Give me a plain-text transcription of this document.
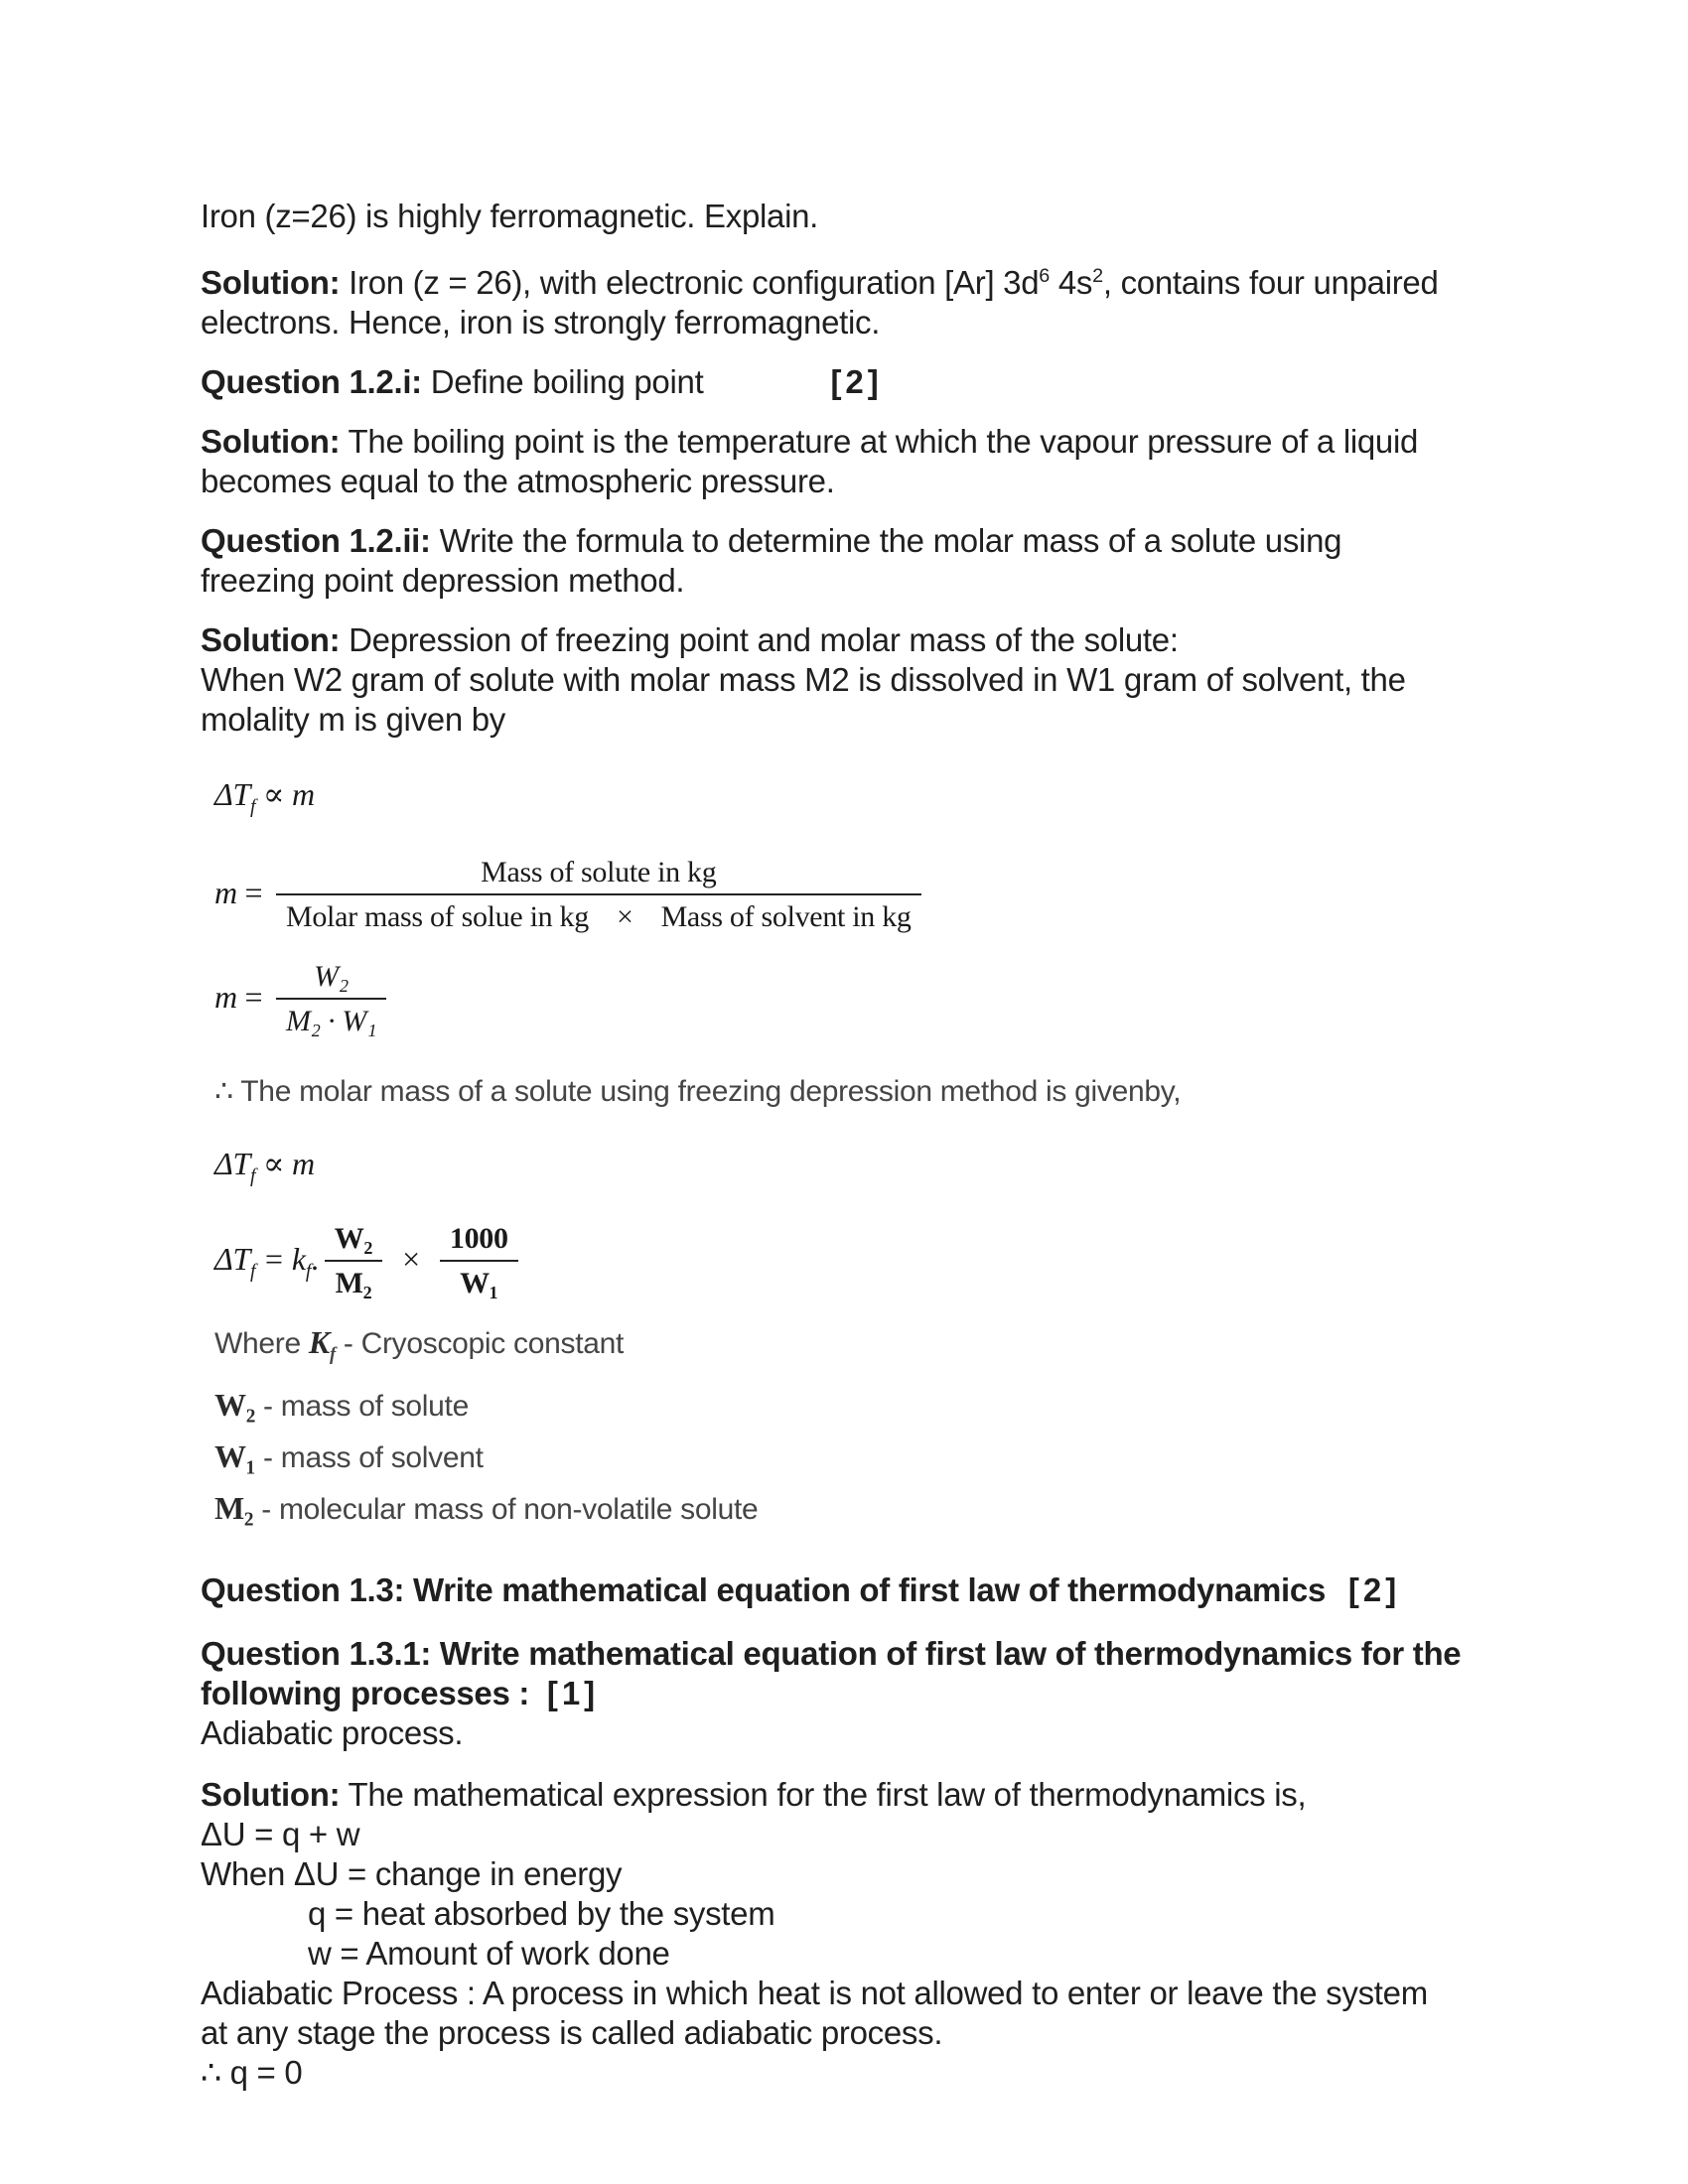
Iron (z=26) is highly ferromagnetic. Explain.

Solution: Iron (z = 26), with electronic configuration [Ar] $3d^6$ $4s^2$, contains four unpaired
electrons. Hence, iron is strongly ferromagnetic.

Question 1.2.i: Define boiling point	[2]

Solution: The boiling point is the temperature at which the vapour pressure of a liquid
becomes equal to the atmospheric pressure.

Question 1.2.ii: Write the formula to determine the molar mass of a solute using
freezing point depression method.

Solution: Depression of freezing point and molar mass of the solute:
When W2 gram of solute with molar mass M2 is dissolved in W1 gram of solvent, the
molality m is given by

$\Delta T_f \propto m$
$m = \frac{\text{Mass of solute in kg}}{\text{Molar mass of solue in kg × Mass of solvent in kg}}$
$m = \frac{\text{W₂}}{\text{M₂ · W₁}}$
∴ The molar mass of a solute using freezing depression method is givenby,
$\Delta T_f \propto m$
$\Delta T_f = k_f$. $\frac{\text{W₂}}{\text{M₂}} \times \frac{1000}{\text{W₁}}$
Where $K_f$ - Cryoscopic constant
W₂ - mass of solute
W₁ - mass of solvent
M₂ - molecular mass of non-volatile solute

Question 1.3: Write mathematical equation of first law of thermodynamics [2]

Question 1.3.1: Write mathematical equation of first law of thermodynamics for the
following processes :  [1]
Adiabatic process.

Solution: The mathematical expression for the first law of thermodynamics is,
ΔU = q + w
When ΔU = change in energy
q = heat absorbed by the system
w = Amount of work done
Adiabatic Process : A process in which heat is not allowed to enter or leave the system
at any stage the process is called adiabatic process.
∴ q = 0
